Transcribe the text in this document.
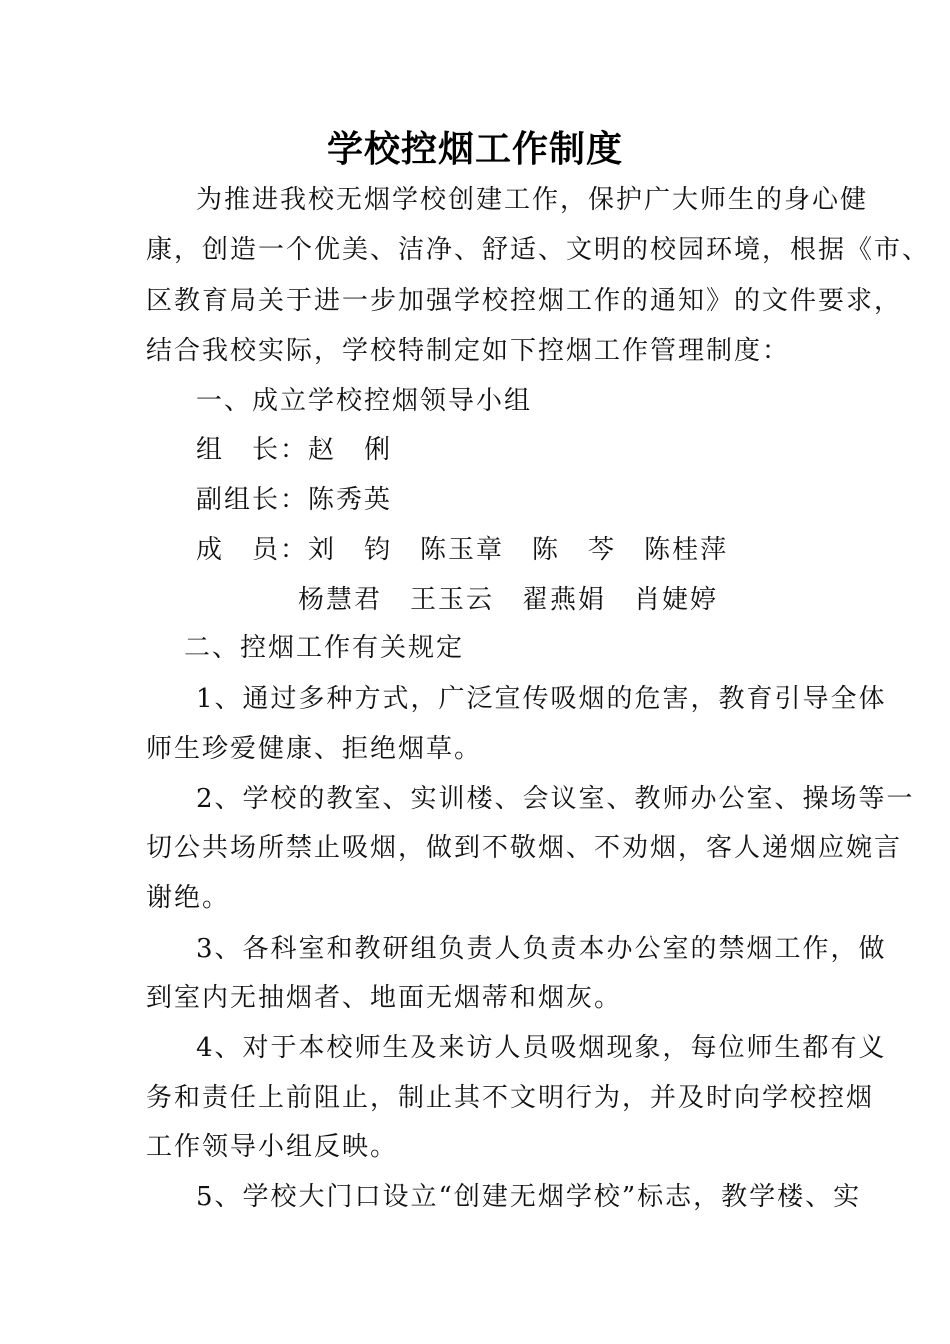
学校控烟工作制度
为推进我校无烟学校创建工作，保护广大师生的身心健
康，创造一个优美、洁净、舒适、文明的校园环境，根据《市、
区教育局关于进一步加强学校控烟工作的通知》的文件要求，
结合我校实际，学校特制定如下控烟工作管理制度：
一、成立学校控烟领导小组
组　长：赵　俐
副组长：陈秀英
成　员：刘　钧 陈玉章 陈　芩 陈桂萍
杨慧君 王玉云 翟燕娟 肖婕婷
二、控烟工作有关规定
1、通过多种方式，广泛宣传吸烟的危害，教育引导全体
师生珍爱健康、拒绝烟草。
2、学校的教室、实训楼、会议室、教师办公室、操场等一
切公共场所禁止吸烟，做到不敬烟、不劝烟，客人递烟应婉言
谢绝。
3、各科室和教研组负责人负责本办公室的禁烟工作，做
到室内无抽烟者、地面无烟蒂和烟灰。
4、对于本校师生及来访人员吸烟现象，每位师生都有义
务和责任上前阻止，制止其不文明行为，并及时向学校控烟
工作领导小组反映。
5、学校大门口设立“创建无烟学校”标志，教学楼、实
